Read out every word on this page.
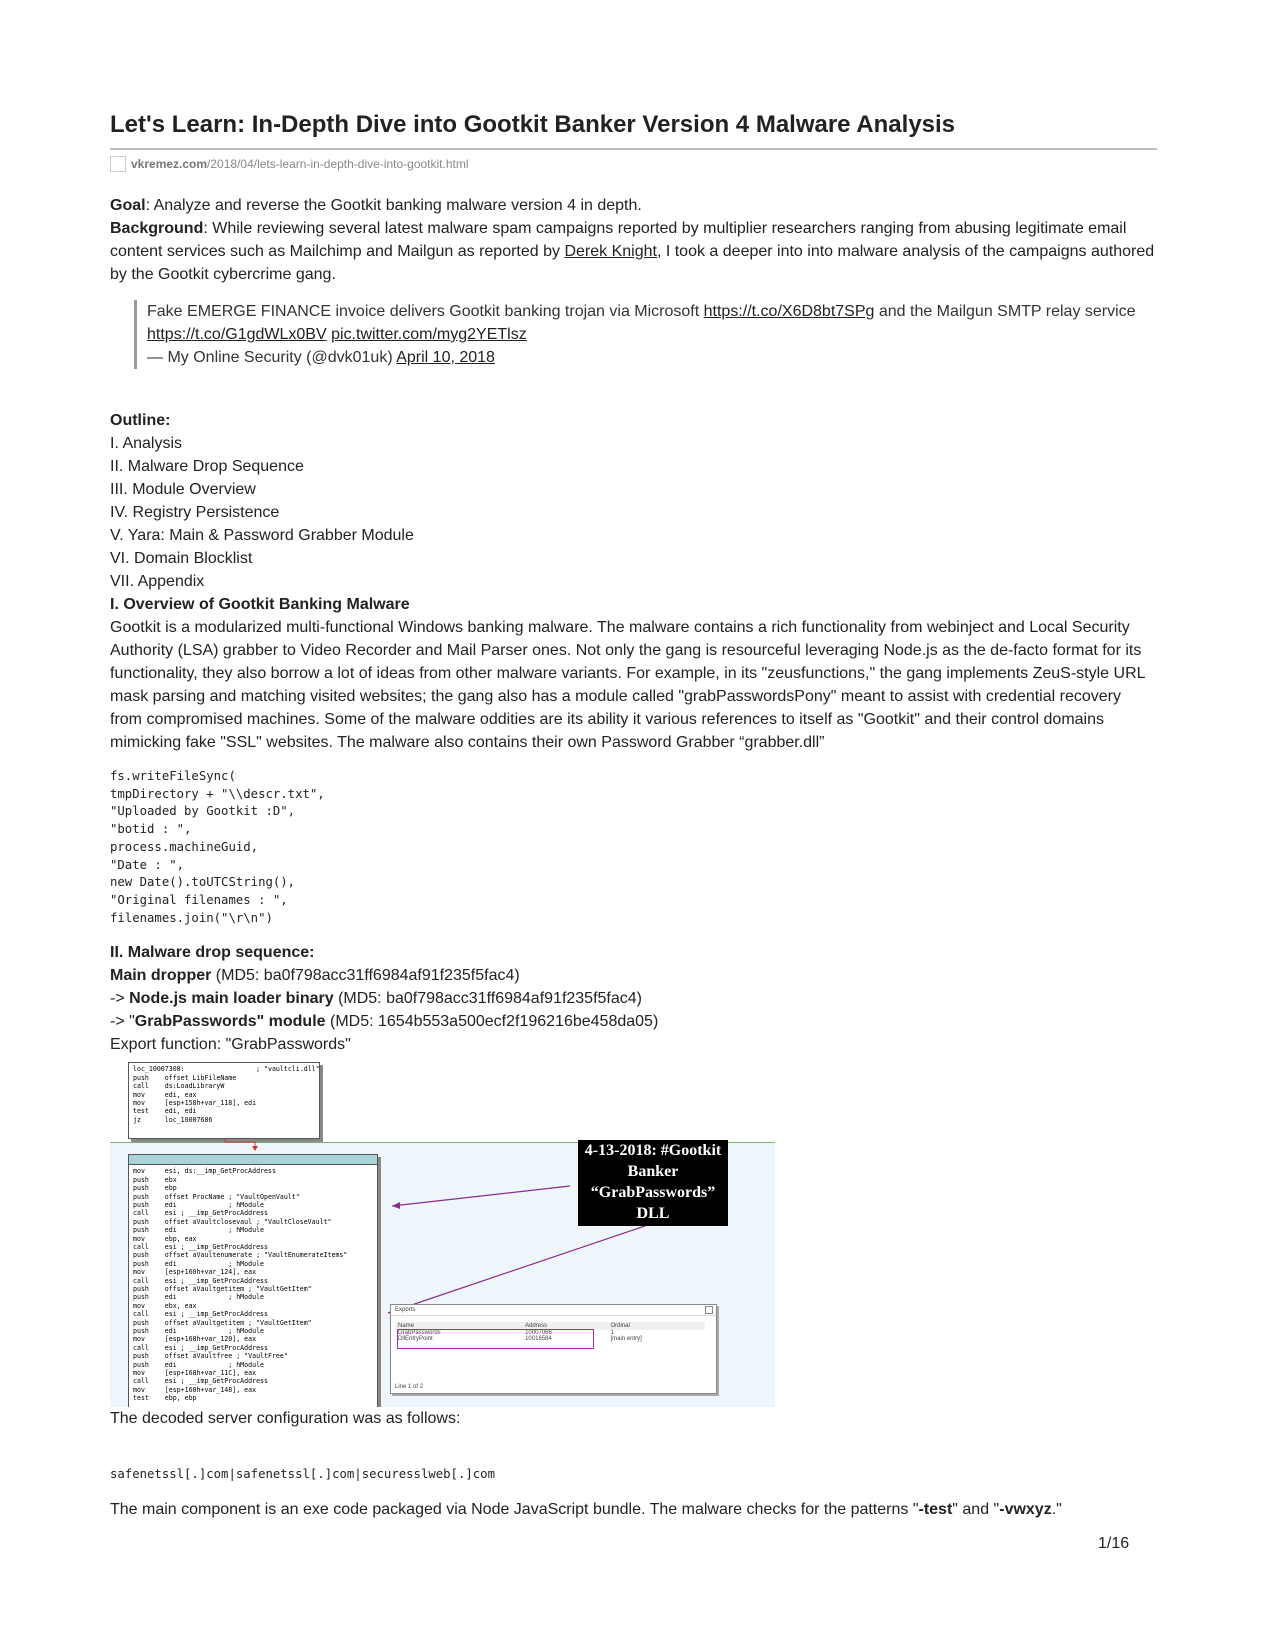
Let's Learn: In-Depth Dive into Gootkit Banker Version 4 Malware Analysis
vkremez.com /2018/04/lets-learn-in-depth-dive-into-gootkit.html

Goal: Analyze and reverse the Gootkit banking malware version 4 in depth.

Background: While reviewing several latest malware spam campaigns reported by multiplier researchers ranging from abusing legitimate email content services such as Mailchimp and Mailgun as reported by Derek Knight, I took a deeper into into malware analysis of the campaigns authored by the Gootkit cybercrime gang.

Fake EMERGE FINANCE invoice delivers Gootkit banking trojan via Microsoft https://t.co/X6D8bt7SPg and the Mailgun SMTP relay service https://t.co/G1gdWLx0BV pic.twitter.com/myg2YETlsz
— My Online Security (@dvk01uk) April 10, 2018

Outline:

I. Analysis

II. Malware Drop Sequence

III. Module Overview

IV. Registry Persistence

V. Yara: Main & Password Grabber Module

VI. Domain Blocklist

VII. Appendix

I. Overview of Gootkit Banking Malware

Gootkit is a modularized multi-functional Windows banking malware. The malware contains a rich functionality from webinject and Local Security Authority (LSA) grabber to Video Recorder and Mail Parser ones. Not only the gang is resourceful leveraging Node.js as the de-facto format for its functionality, they also borrow a lot of ideas from other malware variants. For example, in its "zeusfunctions," the gang implements ZeuS-style URL mask parsing and matching visited websites; the gang also has a module called "grabPasswordsPony" meant to assist with credential recovery from compromised machines. Some of the malware oddities are its ability it various references to itself as "Gootkit" and their control domains mimicking fake "SSL" websites. The malware also contains their own Password Grabber “grabber.dll”

fs.writeFileSync(
tmpDirectory + "\\descr.txt",
"Uploaded by Gootkit :D",
"botid : ",
process.machineGuid,
"Date : ",
new Date().toUTCString(),
"Original filenames : ",
filenames.join("\r\n")

II. Malware drop sequence:

Main dropper (MD5: ba0f798acc31ff6984af91f235f5fac4)

-> Node.js main loader binary (MD5: ba0f798acc31ff6984af91f235f5fac4)

-> "GrabPasswords" module (MD5: 1654b553a500ecf2f196216be458da05)

Export function: "GrabPasswords"

loc_10007308:                  ; "vaultcli.dll"
push    offset LibFileName
call    ds:LoadLibraryW
mov     edi, eax
mov     [esp+158h+var_118], edi
test    edi, edi
jz      loc_10007686
mov     esi, ds:__imp_GetProcAddress
push    ebx
push    ebp
push    offset ProcName ; "VaultOpenVault"
push    edi             ; hModule
call    esi ; __imp_GetProcAddress
push    offset aVaultclosevaul ; "VaultCloseVault"
push    edi             ; hModule
mov     ebp, eax
call    esi ; __imp_GetProcAddress
push    offset aVaultenumerate ; "VaultEnumerateItems"
push    edi             ; hModule
mov     [esp+160h+var_124], eax
call    esi ; __imp_GetProcAddress
push    offset aVaultgetitem ; "VaultGetItem"
push    edi             ; hModule
mov     ebx, eax
call    esi ; __imp_GetProcAddress
push    offset aVaultgetitem ; "VaultGetItem"
push    edi             ; hModule
mov     [esp+168h+var_120], eax
call    esi ; __imp_GetProcAddress
push    offset aVaultfree ; "VaultFree"
push    edi             ; hModule
mov     [esp+168h+var_11C], eax
call    esi ; __imp_GetProcAddress
mov     [esp+160h+var_148], eax
test    ebp, ebp
4-13-2018: #Gootkit
Banker
“GrabPasswords”
DLL
Exports
Name	Address	Ordinal
GrabPasswords	10007066	1
DllEntryPoint	10016584	[main entry]
Line 1 of 2

The decoded server configuration was as follows:

safenetssl[.]com|safenetssl[.]com|securesslweb[.]com

The main component is an exe code packaged via Node JavaScript bundle. The malware checks for the patterns "-test" and "-vwxyz."

1/16
